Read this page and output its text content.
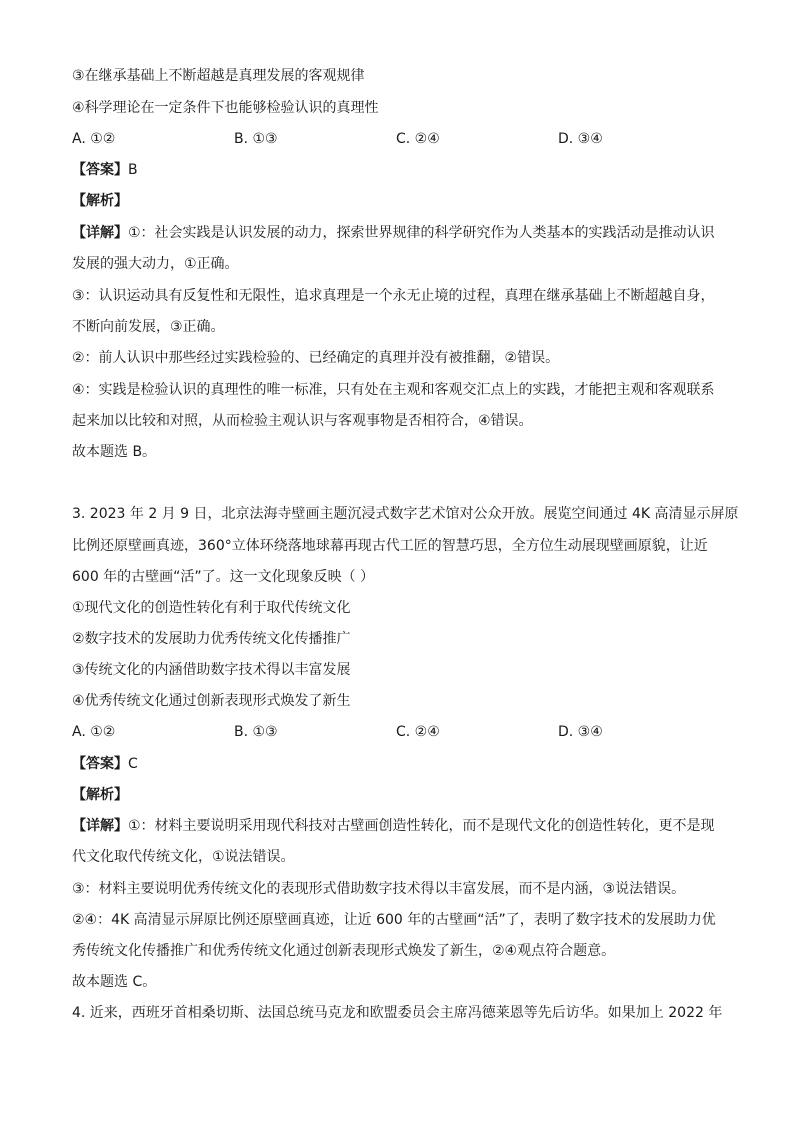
③在继承基础上不断超越是真理发展的客观规律
④科学理论在一定条件下也能够检验认识的真理性
A. ①②	B. ①③	C. ②④	D. ③④
【答案】B
【解析】
【详解】①：社会实践是认识发展的动力，探索世界规律的科学研究作为人类基本的实践活动是推动认识
发展的强大动力，①正确。
③：认识运动具有反复性和无限性，追求真理是一个永无止境的过程，真理在继承基础上不断超越自身，
不断向前发展，③正确。
②：前人认识中那些经过实践检验的、已经确定的真理并没有被推翻，②错误。
④：实践是检验认识的真理性的唯一标准，只有处在主观和客观交汇点上的实践，才能把主观和客观联系
起来加以比较和对照，从而检验主观认识与客观事物是否相符合，④错误。
故本题选 B。
3. 2023 年 2 月 9 日，北京法海寺壁画主题沉浸式数字艺术馆对公众开放。展览空间通过 4K 高清显示屏原
比例还原壁画真迹，360°立体环绕落地球幕再现古代工匠的智慧巧思，全方位生动展现壁画原貌，让近
600 年的古壁画“活”了。这一文化现象反映（ ）
①现代文化的创造性转化有利于取代传统文化
②数字技术的发展助力优秀传统文化传播推广
③传统文化的内涵借助数字技术得以丰富发展
④优秀传统文化通过创新表现形式焕发了新生
A. ①②	B. ①③	C. ②④	D. ③④
【答案】C
【解析】
【详解】①：材料主要说明采用现代科技对古壁画创造性转化，而不是现代文化的创造性转化，更不是现
代文化取代传统文化，①说法错误。
③：材料主要说明优秀传统文化的表现形式借助数字技术得以丰富发展，而不是内涵，③说法错误。
②④：4K 高清显示屏原比例还原壁画真迹，让近 600 年的古壁画“活”了，表明了数字技术的发展助力优
秀传统文化传播推广和优秀传统文化通过创新表现形式焕发了新生，②④观点符合题意。
故本题选 C。
4. 近来，西班牙首相桑切斯、法国总统马克龙和欧盟委员会主席冯德莱恩等先后访华。如果加上 2022 年
